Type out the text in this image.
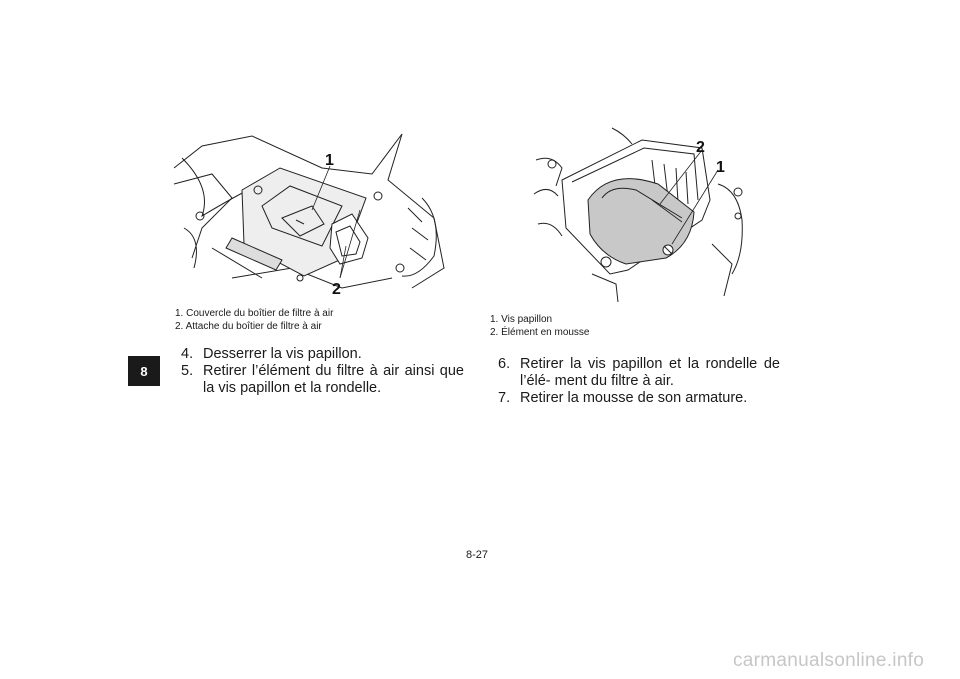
8
1
2
1. Couvercle du boîtier de filtre à air
2. Attache du boîtier de filtre à air
4. Desserrer la vis papillon.
5. Retirer l’élément du filtre à air ainsi que la vis papillon et la rondelle.
2
1
1. Vis papillon
2. Élément en mousse
6. Retirer la vis papillon et la rondelle de l’élé- ment du filtre à air.
7. Retirer la mousse de son armature.
8-27
carmanualsonline.info
